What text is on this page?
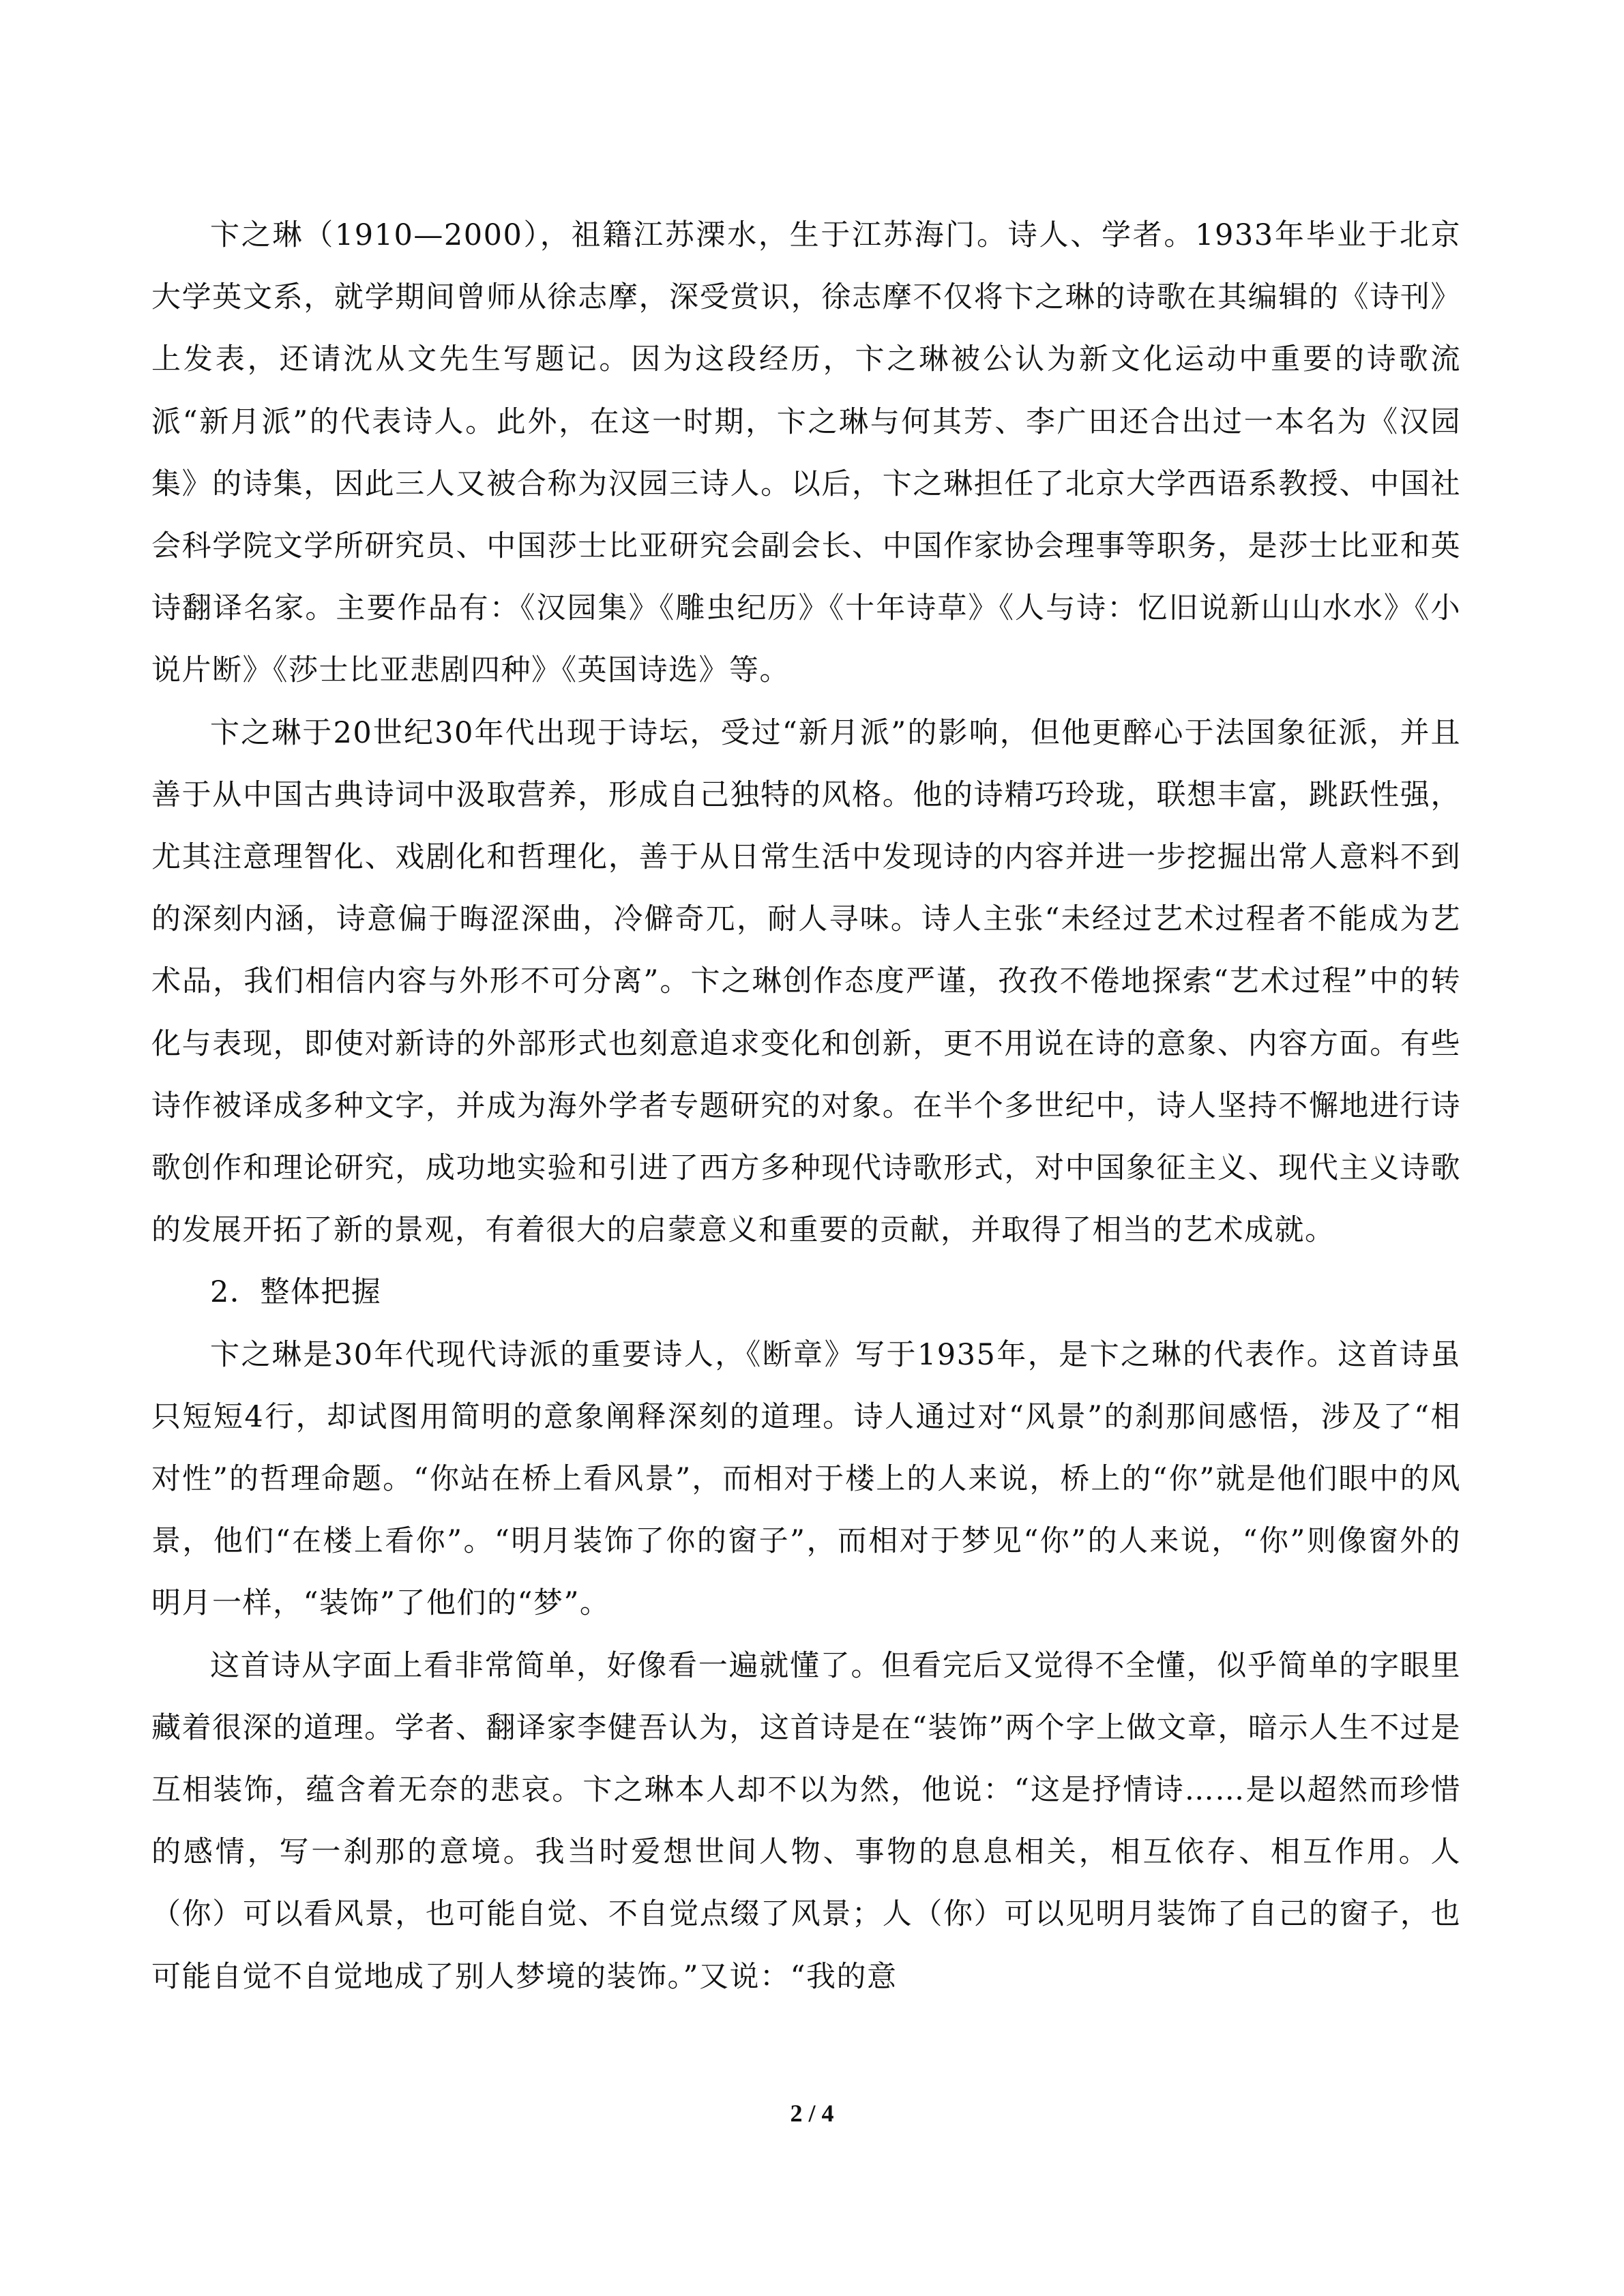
卞之琳（1910—2000），祖籍江苏溧水，生于江苏海门。诗人、学者。1933年毕业于北京大学英文系，就学期间曾师从徐志摩，深受赏识，徐志摩不仅将卞之琳的诗歌在其编辑的《诗刊》上发表，还请沈从文先生写题记。因为这段经历，卞之琳被公认为新文化运动中重要的诗歌流派“新月派”的代表诗人。此外，在这一时期，卞之琳与何其芳、李广田还合出过一本名为《汉园集》的诗集，因此三人又被合称为汉园三诗人。以后，卞之琳担任了北京大学西语系教授、中国社会科学院文学所研究员、中国莎士比亚研究会副会长、中国作家协会理事等职务，是莎士比亚和英诗翻译名家。主要作品有：《汉园集》《雕虫纪历》《十年诗草》《人与诗：忆旧说新山山水水》《小说片断》《莎士比亚悲剧四种》《英国诗选》等。

卞之琳于20世纪30年代出现于诗坛，受过“新月派”的影响，但他更醉心于法国象征派，并且善于从中国古典诗词中汲取营养，形成自己独特的风格。他的诗精巧玲珑，联想丰富，跳跃性强，尤其注意理智化、戏剧化和哲理化，善于从日常生活中发现诗的内容并进一步挖掘出常人意料不到的深刻内涵，诗意偏于晦涩深曲，冷僻奇兀，耐人寻味。诗人主张“未经过艺术过程者不能成为艺术品，我们相信内容与外形不可分离”。卞之琳创作态度严谨，孜孜不倦地探索“艺术过程”中的转化与表现，即使对新诗的外部形式也刻意追求变化和创新，更不用说在诗的意象、内容方面。有些诗作被译成多种文字，并成为海外学者专题研究的对象。在半个多世纪中，诗人坚持不懈地进行诗歌创作和理论研究，成功地实验和引进了西方多种现代诗歌形式，对中国象征主义、现代主义诗歌的发展开拓了新的景观，有着很大的启蒙意义和重要的贡献，并取得了相当的艺术成就。

2．整体把握

卞之琳是30年代现代诗派的重要诗人，《断章》写于1935年，是卞之琳的代表作。这首诗虽只短短4行，却试图用简明的意象阐释深刻的道理。诗人通过对“风景”的刹那间感悟，涉及了“相对性”的哲理命题。“你站在桥上看风景”，而相对于楼上的人来说，桥上的“你”就是他们眼中的风景，他们“在楼上看你”。“明月装饰了你的窗子”，而相对于梦见“你”的人来说，“你”则像窗外的明月一样，“装饰”了他们的“梦”。

这首诗从字面上看非常简单，好像看一遍就懂了。但看完后又觉得不全懂，似乎简单的字眼里藏着很深的道理。学者、翻译家李健吾认为，这首诗是在“装饰”两个字上做文章，暗示人生不过是互相装饰，蕴含着无奈的悲哀。卞之琳本人却不以为然，他说：“这是抒情诗……是以超然而珍惜的感情，写一刹那的意境。我当时爱想世间人物、事物的息息相关，相互依存、相互作用。人（你）可以看风景，也可能自觉、不自觉点缀了风景；人（你）可以见明月装饰了自己的窗子，也可能自觉不自觉地成了别人梦境的装饰。”又说：“我的意

2 / 4
